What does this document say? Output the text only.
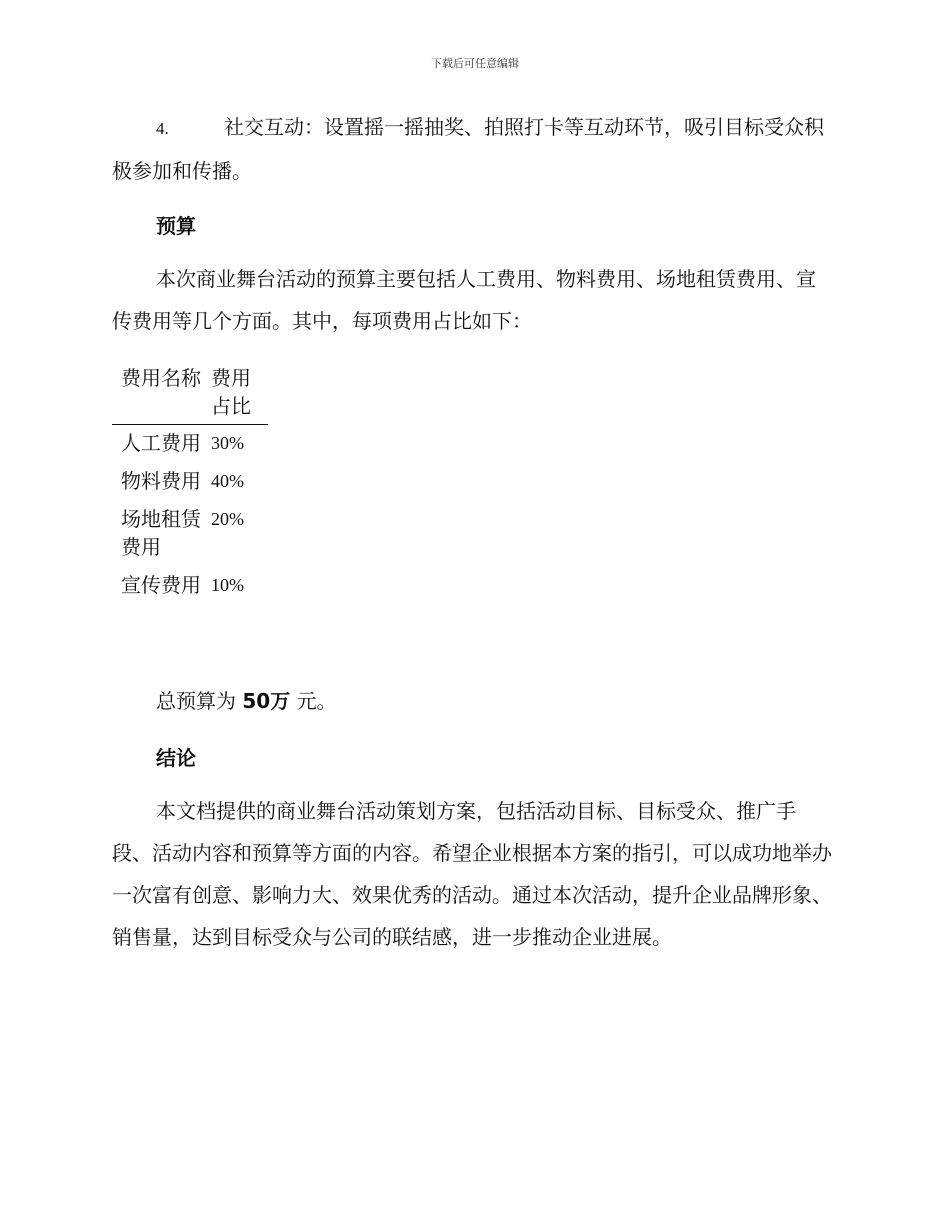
下载后可任意编辑

4.	社交互动：设置摇一摇抽奖、拍照打卡等互动环节，吸引目标受众积极参加和传播。

预算

本次商业舞台活动的预算主要包括人工费用、物料费用、场地租赁费用、宣传费用等几个方面。其中，每项费用占比如下：

费用名称	费用占比
人工费用	30%
物料费用	40%
场地租赁费用	20%
宣传费用	10%

总预算为 50万 元。

结论

本文档提供的商业舞台活动策划方案，包括活动目标、目标受众、推广手段、活动内容和预算等方面的内容。希望企业根据本方案的指引，可以成功地举办一次富有创意、影响力大、效果优秀的活动。通过本次活动，提升企业品牌形象、销售量，达到目标受众与公司的联结感，进一步推动企业进展。
